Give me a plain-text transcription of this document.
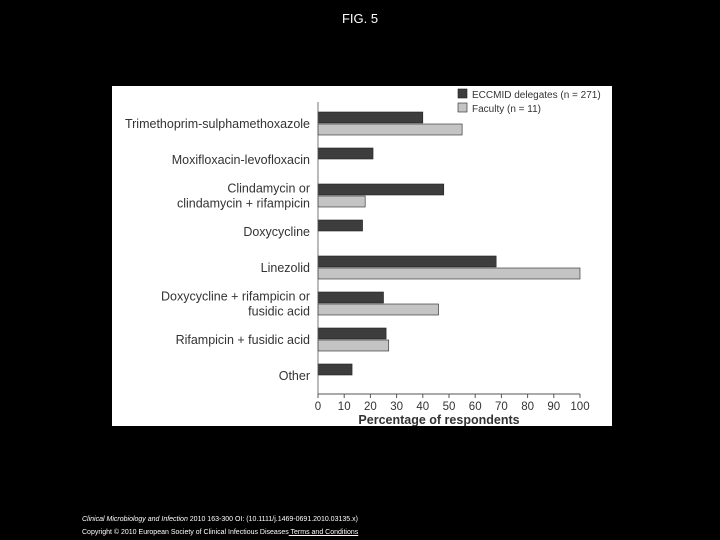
FIG. 5
Trimethoprim-sulphamethoxazole
Moxifloxacin-levofloxacin
Clindamycin or
clindamycin + rifampicin
Doxycycline
Linezolid
Doxycycline + rifampicin or
fusidic acid
Rifampicin + fusidic acid
Other
0 10 20 30 40 50 60 70 80 90 100
Percentage of respondents
ECCMID delegates (n = 271)
Faculty (n = 11)
Clinical Microbiology and Infection 2010 163-300 OI: (10.1111/j.1469-0691.2010.03135.x)
Copyright © 2010 European Society of Clinical Infectious Diseases Terms and Conditions
